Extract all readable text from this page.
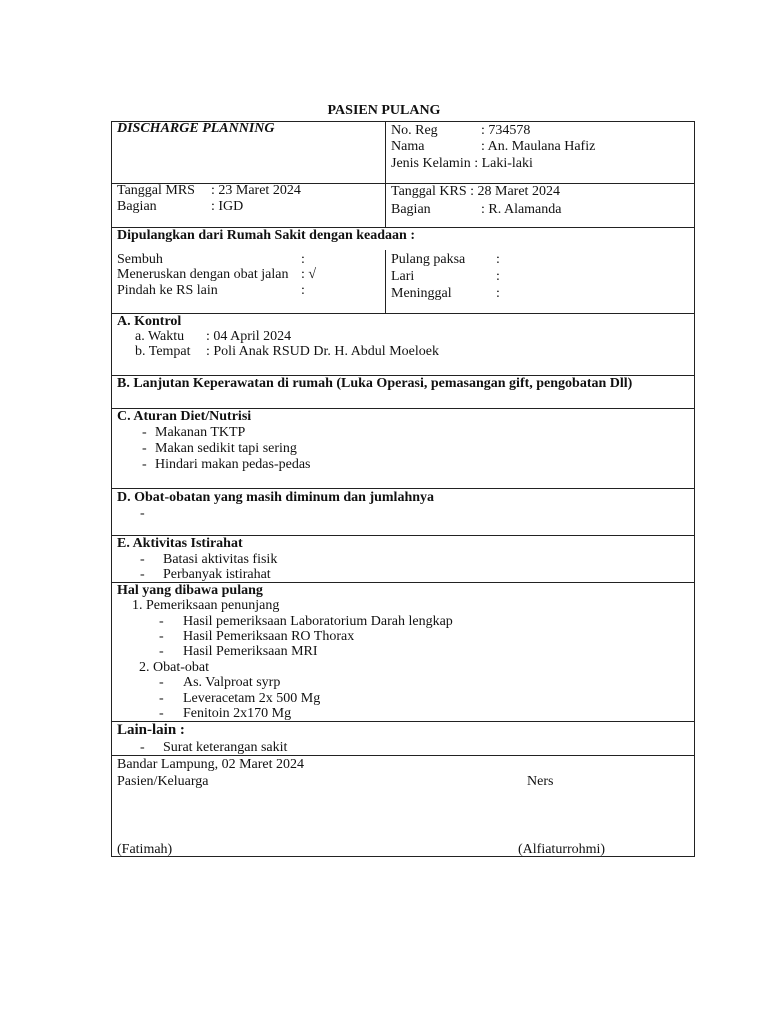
PASIEN PULANG
DISCHARGE PLANNING	No. Reg	: 734578
Nama	: An. Maulana Hafiz
Jenis Kelamin : Laki-laki
Tanggal MRS : 23 Maret 2024
Bagian	: IGD
Tanggal KRS : 28 Maret 2024
Bagian	: R. Alamanda
Dipulangkan dari Rumah Sakit dengan keadaan :
Sembuh	:
Meneruskan dengan obat jalan : √
Pindah ke RS lain	:
Pulang paksa :
Lari	:
Meninggal	:
A. Kontrol
a. Waktu : 04 April 2024
b. Tempat : Poli Anak RSUD Dr. H. Abdul Moeloek
B. Lanjutan Keperawatan di rumah (Luka Operasi, pemasangan gift, pengobatan Dll)
C. Aturan Diet/Nutrisi
- Makanan TKTP
- Makan sedikit tapi sering
- Hindari makan pedas-pedas
D. Obat-obatan yang masih diminum dan jumlahnya
-
E. Aktivitas Istirahat
- Batasi aktivitas fisik
- Perbanyak istirahat
Hal yang dibawa pulang
1. Pemeriksaan penunjang
- Hasil pemeriksaan Laboratorium Darah lengkap
- Hasil Pemeriksaan RO Thorax
- Hasil Pemeriksaan MRI
2. Obat-obat
- As. Valproat syrp
- Leveracetam 2x 500 Mg
- Fenitoin 2x170 Mg
Lain-lain :
- Surat keterangan sakit
Bandar Lampung, 02 Maret 2024
Pasien/Keluarga	Ners
(Fatimah)	(Alfiaturrohmi)
